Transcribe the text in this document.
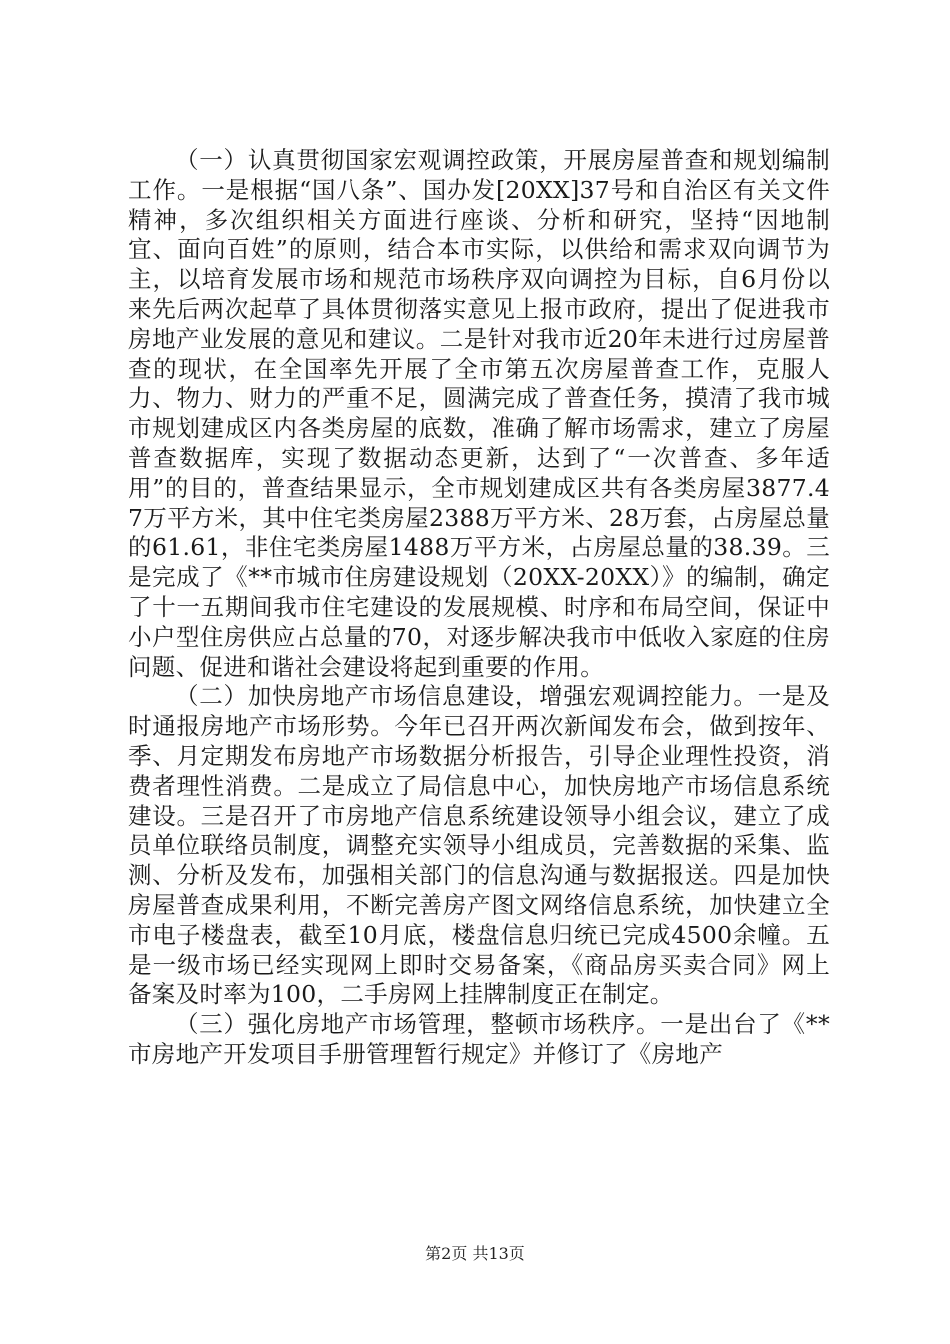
（一）认真贯彻国家宏观调控政策，开展房屋普查和规划编制工作。一是根据“国八条”、国办发[20XX]37号和自治区有关文件精神，多次组织相关方面进行座谈、分析和研究，坚持“因地制宜、面向百姓”的原则，结合本市实际，以供给和需求双向调节为主，以培育发展市场和规范市场秩序双向调控为目标，自6月份以来先后两次起草了具体贯彻落实意见上报市政府，提出了促进我市房地产业发展的意见和建议。二是针对我市近20年未进行过房屋普查的现状，在全国率先开展了全市第五次房屋普查工作，克服人力、物力、财力的严重不足，圆满完成了普查任务，摸清了我市城市规划建成区内各类房屋的底数，准确了解市场需求，建立了房屋普查数据库，实现了数据动态更新，达到了“一次普查、多年适用”的目的，普查结果显示，全市规划建成区共有各类房屋3877.47万平方米，其中住宅类房屋2388万平方米、28万套，占房屋总量的61.61，非住宅类房屋1488万平方米，占房屋总量的38.39。三是完成了《**市城市住房建设规划（20XX-20XX）》的编制，确定了十一五期间我市住宅建设的发展规模、时序和布局空间，保证中小户型住房供应占总量的70，对逐步解决我市中低收入家庭的住房问题、促进和谐社会建设将起到重要的作用。

（二）加快房地产市场信息建设，增强宏观调控能力。一是及时通报房地产市场形势。今年已召开两次新闻发布会，做到按年、季、月定期发布房地产市场数据分析报告，引导企业理性投资，消费者理性消费。二是成立了局信息中心，加快房地产市场信息系统建设。三是召开了市房地产信息系统建设领导小组会议，建立了成员单位联络员制度，调整充实领导小组成员，完善数据的采集、监测、分析及发布，加强相关部门的信息沟通与数据报送。四是加快房屋普查成果利用，不断完善房产图文网络信息系统，加快建立全市电子楼盘表，截至10月底，楼盘信息归统已完成4500余幢。五是一级市场已经实现网上即时交易备案，《商品房买卖合同》网上备案及时率为100，二手房网上挂牌制度正在制定。

（三）强化房地产市场管理，整顿市场秩序。一是出台了《**市房地产开发项目手册管理暂行规定》并修订了《房地产

第2页 共13页
